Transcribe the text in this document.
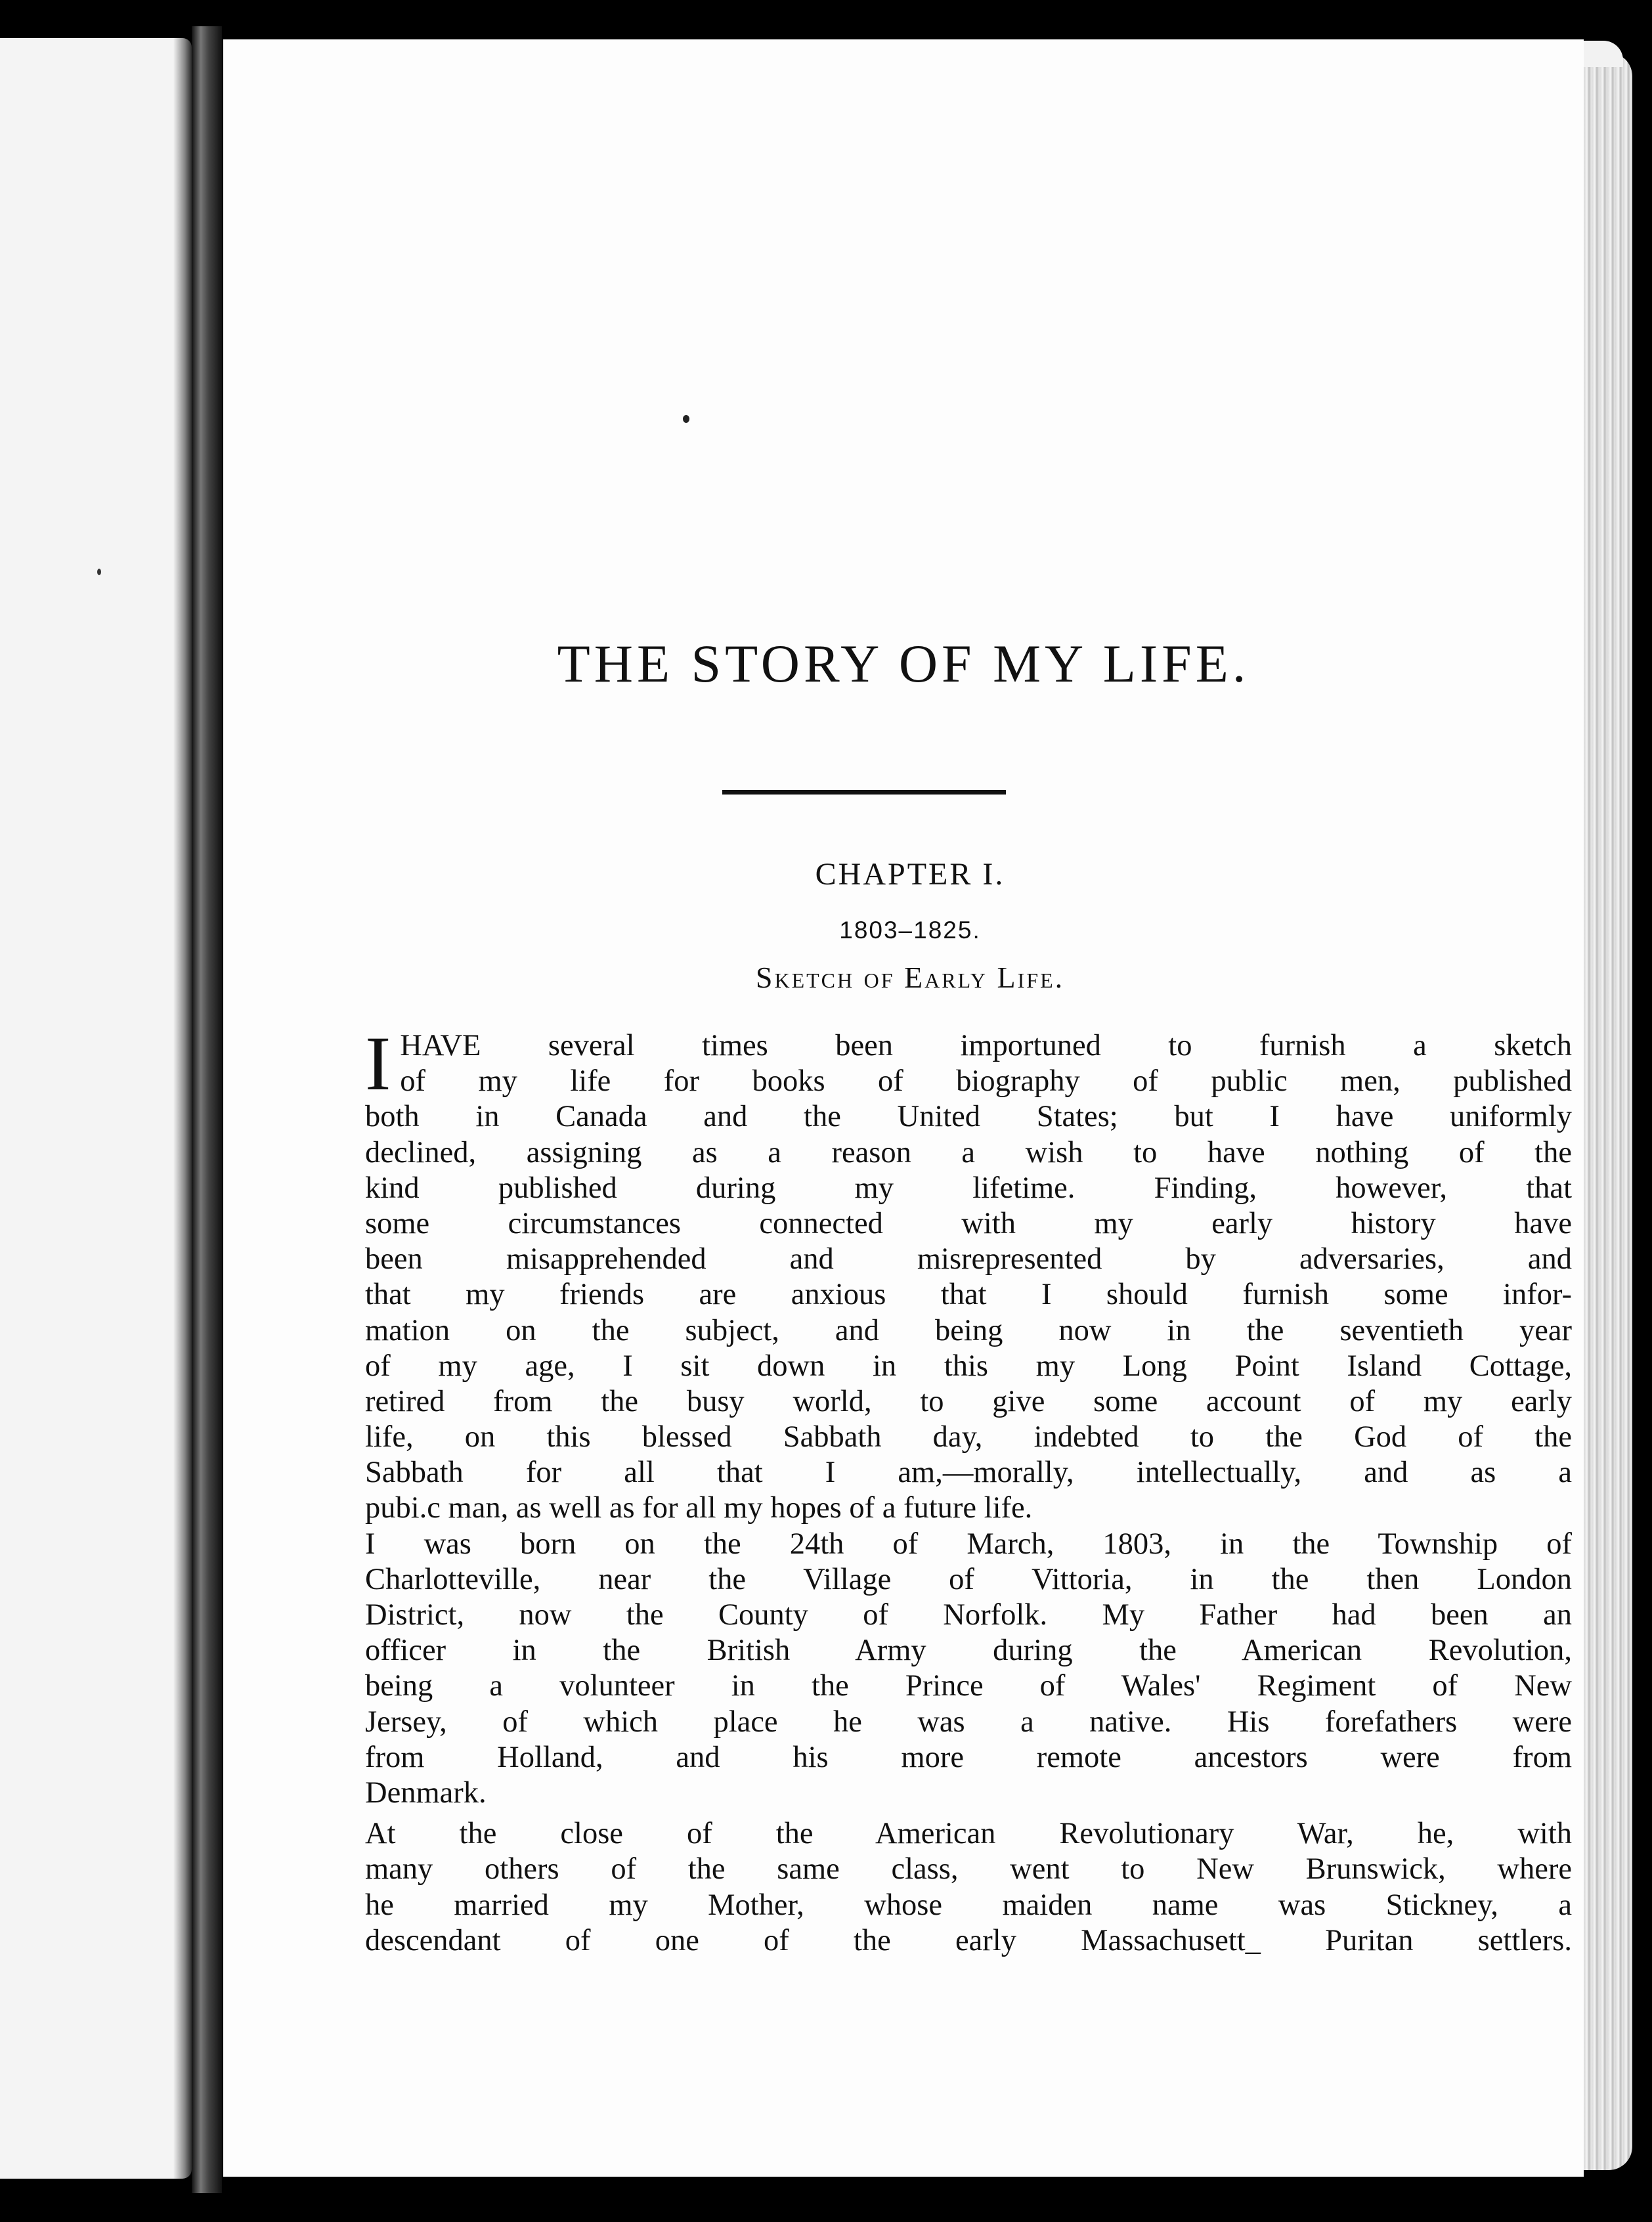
THE STORY OF MY LIFE.
CHAPTER I.
1803–1825.
Sketch of Early Life.
I HAVE several times been importuned to furnish a sketch
of my life for books of biography of public men, published
both in Canada and the United States; but I have uniformly
declined, assigning as a reason a wish to have nothing of the
kind published during my lifetime. Finding, however, that
some circumstances connected with my early history have
been misapprehended and misrepresented by adversaries, and
that my friends are anxious that I should furnish some infor-
mation on the subject, and being now in the seventieth year
of my age, I sit down in this my Long Point Island Cottage,
retired from the busy world, to give some account of my early
life, on this blessed Sabbath day, indebted to the God of the
Sabbath for all that I am,—morally, intellectually, and as a
pubi.c man, as well as for all my hopes of a future life.
I was born on the 24th of March, 1803, in the Township of
Charlotteville, near the Village of Vittoria, in the then London
District, now the County of Norfolk. My Father had been an
officer in the British Army during the American Revolution,
being a volunteer in the Prince of Wales' Regiment of New
Jersey, of which place he was a native. His forefathers were
from Holland, and his more remote ancestors were from
Denmark.
At the close of the American Revolutionary War, he, with
many others of the same class, went to New Brunswick, where
he married my Mother, whose maiden name was Stickney, a
descendant of one of the early Massachusett_ Puritan settlers.
